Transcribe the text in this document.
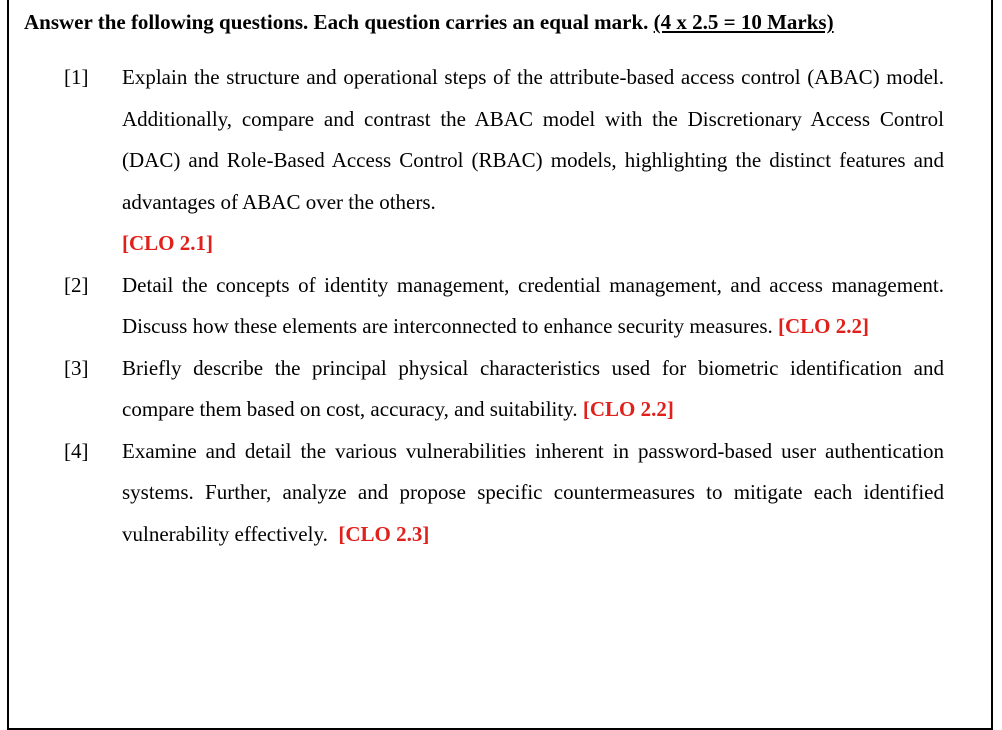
Answer the following questions. Each question carries an equal mark. (4 x 2.5 = 10 Marks)
[1]	Explain the structure and operational steps of the attribute-based access control (ABAC) model. Additionally, compare and contrast the ABAC model with the Discretionary Access Control (DAC) and Role-Based Access Control (RBAC) models, highlighting the distinct features and advantages of ABAC over the others.
[CLO 2.1]
[2]	Detail the concepts of identity management, credential management, and access management. Discuss how these elements are interconnected to enhance security measures. [CLO 2.2]
[3]	Briefly describe the principal physical characteristics used for biometric identification and compare them based on cost, accuracy, and suitability. [CLO 2.2]
[4]	Examine and detail the various vulnerabilities inherent in password-based user authentication systems. Further, analyze and propose specific countermeasures to mitigate each identified vulnerability effectively. [CLO 2.3]
